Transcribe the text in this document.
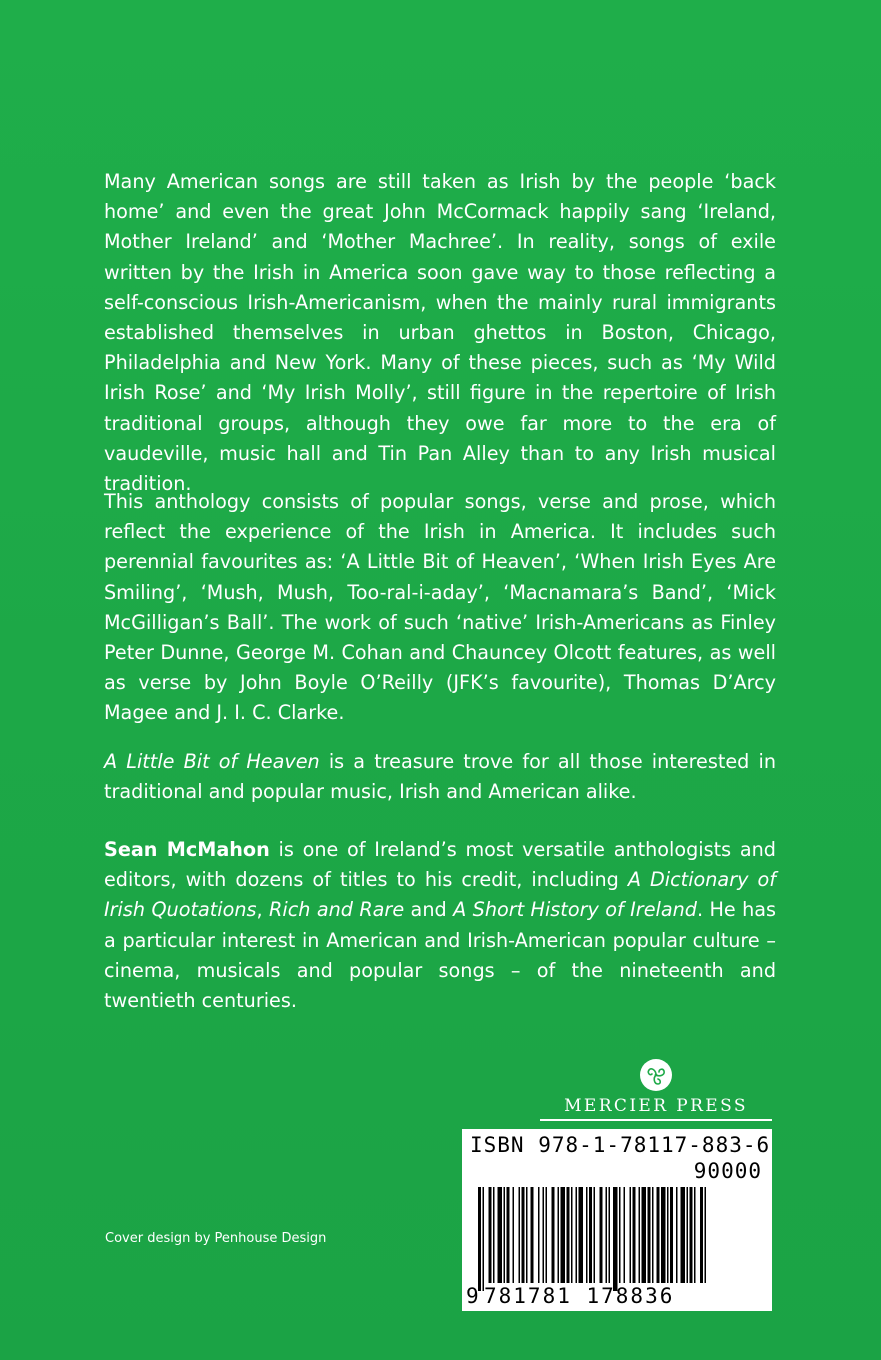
Many American songs are still taken as Irish by the people ‘back home’ and even the great John McCormack happily sang ‘Ireland, Mother Ireland’ and ‘Mother Machree’. In reality, songs of exile written by the Irish in America soon gave way to those reflecting a self-conscious Irish-Americanism, when the mainly rural immigrants established themselves in urban ghettos in Boston, Chicago, Philadelphia and New York. Many of these pieces, such as ‘My Wild Irish Rose’ and ‘My Irish Molly’, still figure in the repertoire of Irish traditional groups, although they owe far more to the era of vaudeville, music hall and Tin Pan Alley than to any Irish musical tradition.

This anthology consists of popular songs, verse and prose, which reflect the experience of the Irish in America. It includes such perennial favourites as: ‘A Little Bit of Heaven’, ‘When Irish Eyes Are Smiling’, ‘Mush, Mush, Too-ral-i-aday’, ‘Macnamara’s Band’, ‘Mick McGilligan’s Ball’. The work of such ‘native’ Irish-Americans as Finley Peter Dunne, George M. Cohan and Chauncey Olcott features, as well as verse by John Boyle O’Reilly (JFK’s favourite), Thomas D’Arcy Magee and J. I. C. Clarke.

A Little Bit of Heaven is a treasure trove for all those interested in traditional and popular music, Irish and American alike.

Sean McMahon is one of Ireland’s most versatile anthologists and editors, with dozens of titles to his credit, including A Dictionary of Irish Quotations, Rich and Rare and A Short History of Ireland. He has a particular interest in American and Irish-American popular culture – cinema, musicals and popular songs – of the nineteenth and twentieth centuries.

MERCIER PRESS
ISBN 978-1-78117-883-6
90000
9 781781 178836
Cover design by Penhouse Design
